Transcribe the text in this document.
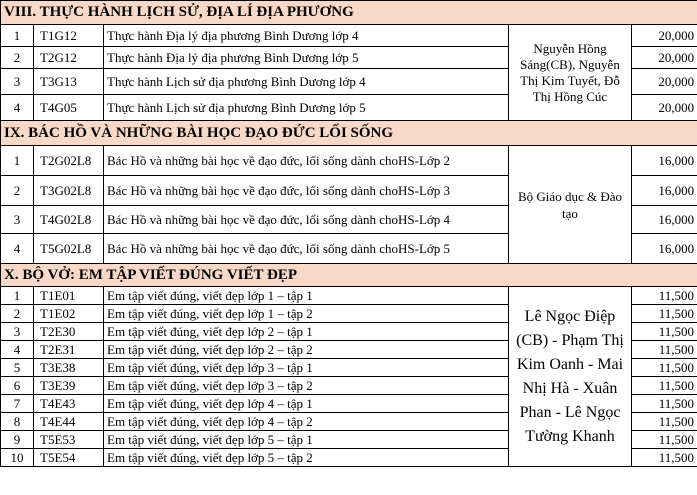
VIII. THỰC HÀNH LỊCH SỬ, ĐỊA LÍ ĐỊA PHƯƠNG				
1	T1G12	Thực hành Địa lý địa phương Bình Dương lớp 4	Nguyễn Hồng Sáng(CB), Nguyễn Thị Kim Tuyết, Đỗ Thị Hồng Cúc	20,000
2	T2G12	Thực hành Địa lý địa phương Bình Dương lớp 5		20,000
3	T3G13	Thực hành Lịch sử địa phương Bình Dương lớp 4		20,000
4	T4G05	Thực hành Lịch sử địa phương Bình Dương lớp 5		20,000
IX. BÁC HỒ VÀ NHỮNG BÀI HỌC ĐẠO ĐỨC LỐI SỐNG				
1	T2G02L8	Bác Hồ và những bài học về đạo đức, lối sống dành choHS-Lớp 2	Bộ Giáo dục & Đào tạo	16,000
2	T3G02L8	Bác Hồ và những bài học về đạo đức, lối sống dành choHS-Lớp 3		16,000
3	T4G02L8	Bác Hồ và những bài học về đạo đức, lối sống dành choHS-Lớp 4		16,000
4	T5G02L8	Bác Hồ và những bài học về đạo đức, lối sống dành choHS-Lớp 5		16,000
X. BỘ VỞ: EM TẬP VIẾT ĐÚNG VIẾT ĐẸP				
1	T1E01	Em tập viết đúng, viết đẹp lớp 1 – tập 1	Lê Ngọc Điệp (CB) - Phạm Thị Kim Oanh - Mai Nhị Hà - Xuân Phan - Lê Ngọc Tường Khanh	11,500
2	T1E02	Em tập viết đúng, viết đẹp lớp 1 – tập 2		11,500
3	T2E30	Em tập viết đúng, viết đẹp lớp 2 – tập 1		11,500
4	T2E31	Em tập viết đúng, viết đẹp lớp 2 – tập 2		11,500
5	T3E38	Em tập viết đúng, viết đẹp lớp 3 – tập 1		11,500
6	T3E39	Em tập viết đúng, viết đẹp lớp 3 – tập 2		11,500
7	T4E43	Em tập viết đúng, viết đẹp lớp 4 – tập 1		11,500
8	T4E44	Em tập viết đúng, viết đẹp lớp 4 – tập 2		11,500
9	T5E53	Em tập viết đúng, viết đẹp lớp 5 – tập 1		11,500
10	T5E54	Em tập viết đúng, viết đẹp lớp 5 – tập 2		11,500
